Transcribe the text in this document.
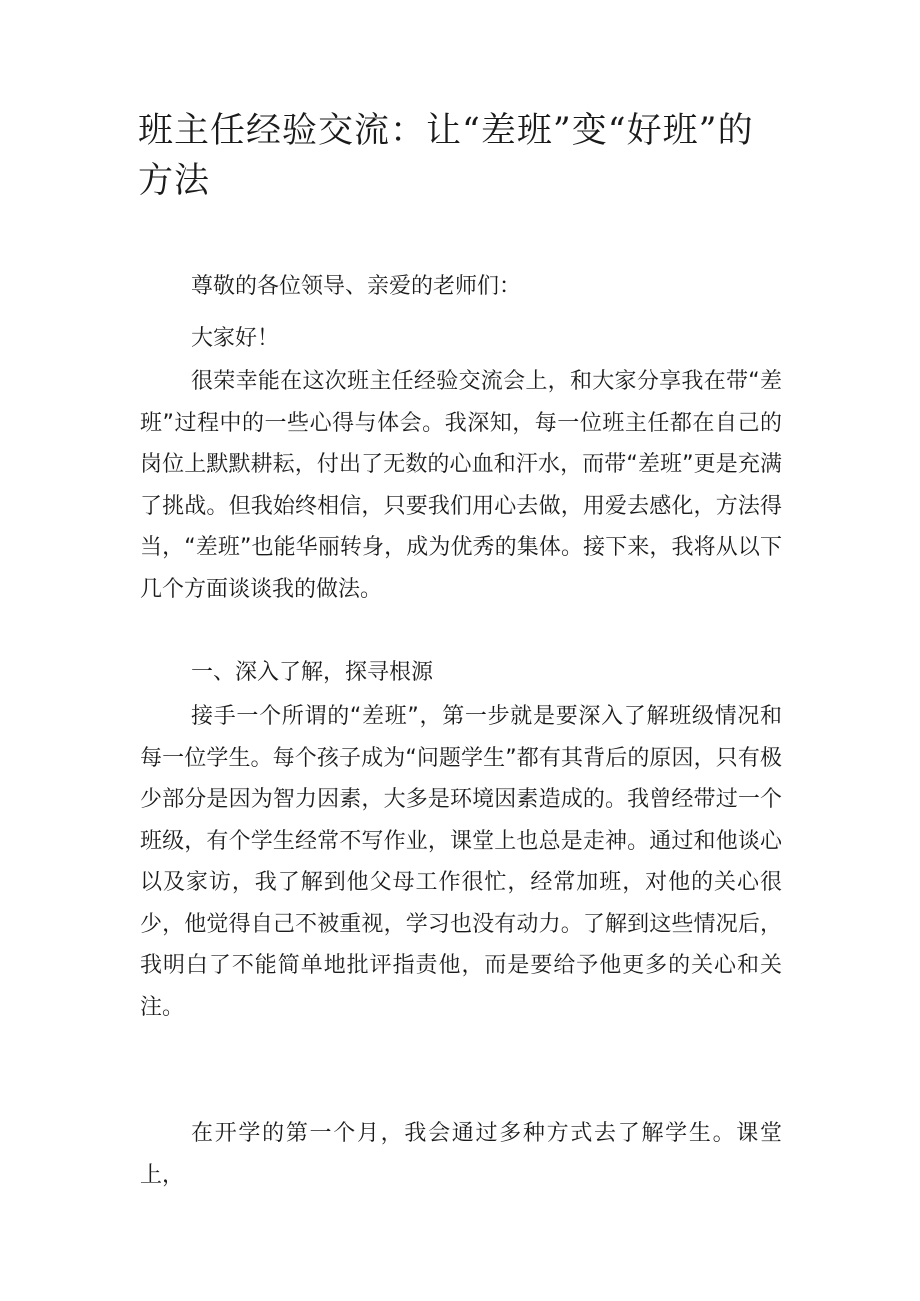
班主任经验交流：让“差班”变“好班”的方法

尊敬的各位领导、亲爱的老师们：

大家好！

很荣幸能在这次班主任经验交流会上，和大家分享我在带“差班”过程中的一些心得与体会。我深知，每一位班主任都在自己的岗位上默默耕耘，付出了无数的心血和汗水，而带“差班”更是充满了挑战。但我始终相信，只要我们用心去做，用爱去感化，方法得当，“差班”也能华丽转身，成为优秀的集体。接下来，我将从以下几个方面谈谈我的做法。

一、深入了解，探寻根源

接手一个所谓的“差班”，第一步就是要深入了解班级情况和每一位学生。每个孩子成为“问题学生”都有其背后的原因，只有极少部分是因为智力因素，大多是环境因素造成的。我曾经带过一个班级，有个学生经常不写作业，课堂上也总是走神。通过和他谈心以及家访，我了解到他父母工作很忙，经常加班，对他的关心很少，他觉得自己不被重视，学习也没有动力。了解到这些情况后，我明白了不能简单地批评指责他，而是要给予他更多的关心和关注。

在开学的第一个月，我会通过多种方式去了解学生。课堂上，
